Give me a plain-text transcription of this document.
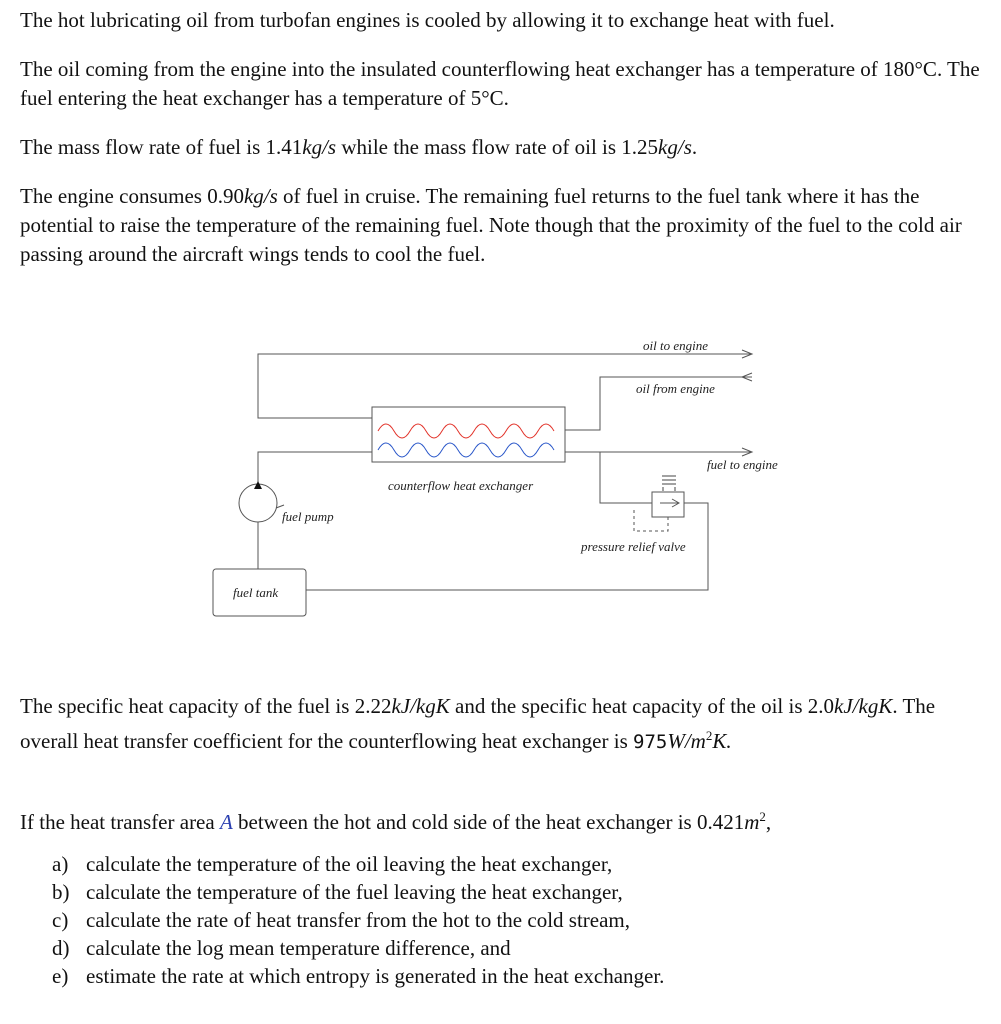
The hot lubricating oil from turbofan engines is cooled by allowing it to exchange heat with fuel.

The oil coming from the engine into the insulated counterflowing heat exchanger has a temperature of 180°C. The fuel entering the heat exchanger has a temperature of 5°C.

The mass flow rate of fuel is 1.41kg/s while the mass flow rate of oil is 1.25kg/s.

The engine consumes 0.90kg/s of fuel in cruise. The remaining fuel returns to the fuel tank where it has the potential to raise the temperature of the remaining fuel. Note though that the proximity of the fuel to the cold air passing around the aircraft wings tends to cool the fuel.

oil to engine
oil from engine
fuel to engine
counterflow heat exchanger
fuel pump
fuel tank
pressure relief valve

The specific heat capacity of the fuel is 2.22kJ/kgK and the specific heat capacity of the oil is 2.0kJ/kgK. The overall heat transfer coefficient for the counterflowing heat exchanger is $975W/m^2K$.

If the heat transfer area A between the hot and cold side of the heat exchanger is $0.421m^2$,

a) calculate the temperature of the oil leaving the heat exchanger,
b) calculate the temperature of the fuel leaving the heat exchanger,
c) calculate the rate of heat transfer from the hot to the cold stream,
d) calculate the log mean temperature difference, and
e) estimate the rate at which entropy is generated in the heat exchanger.
